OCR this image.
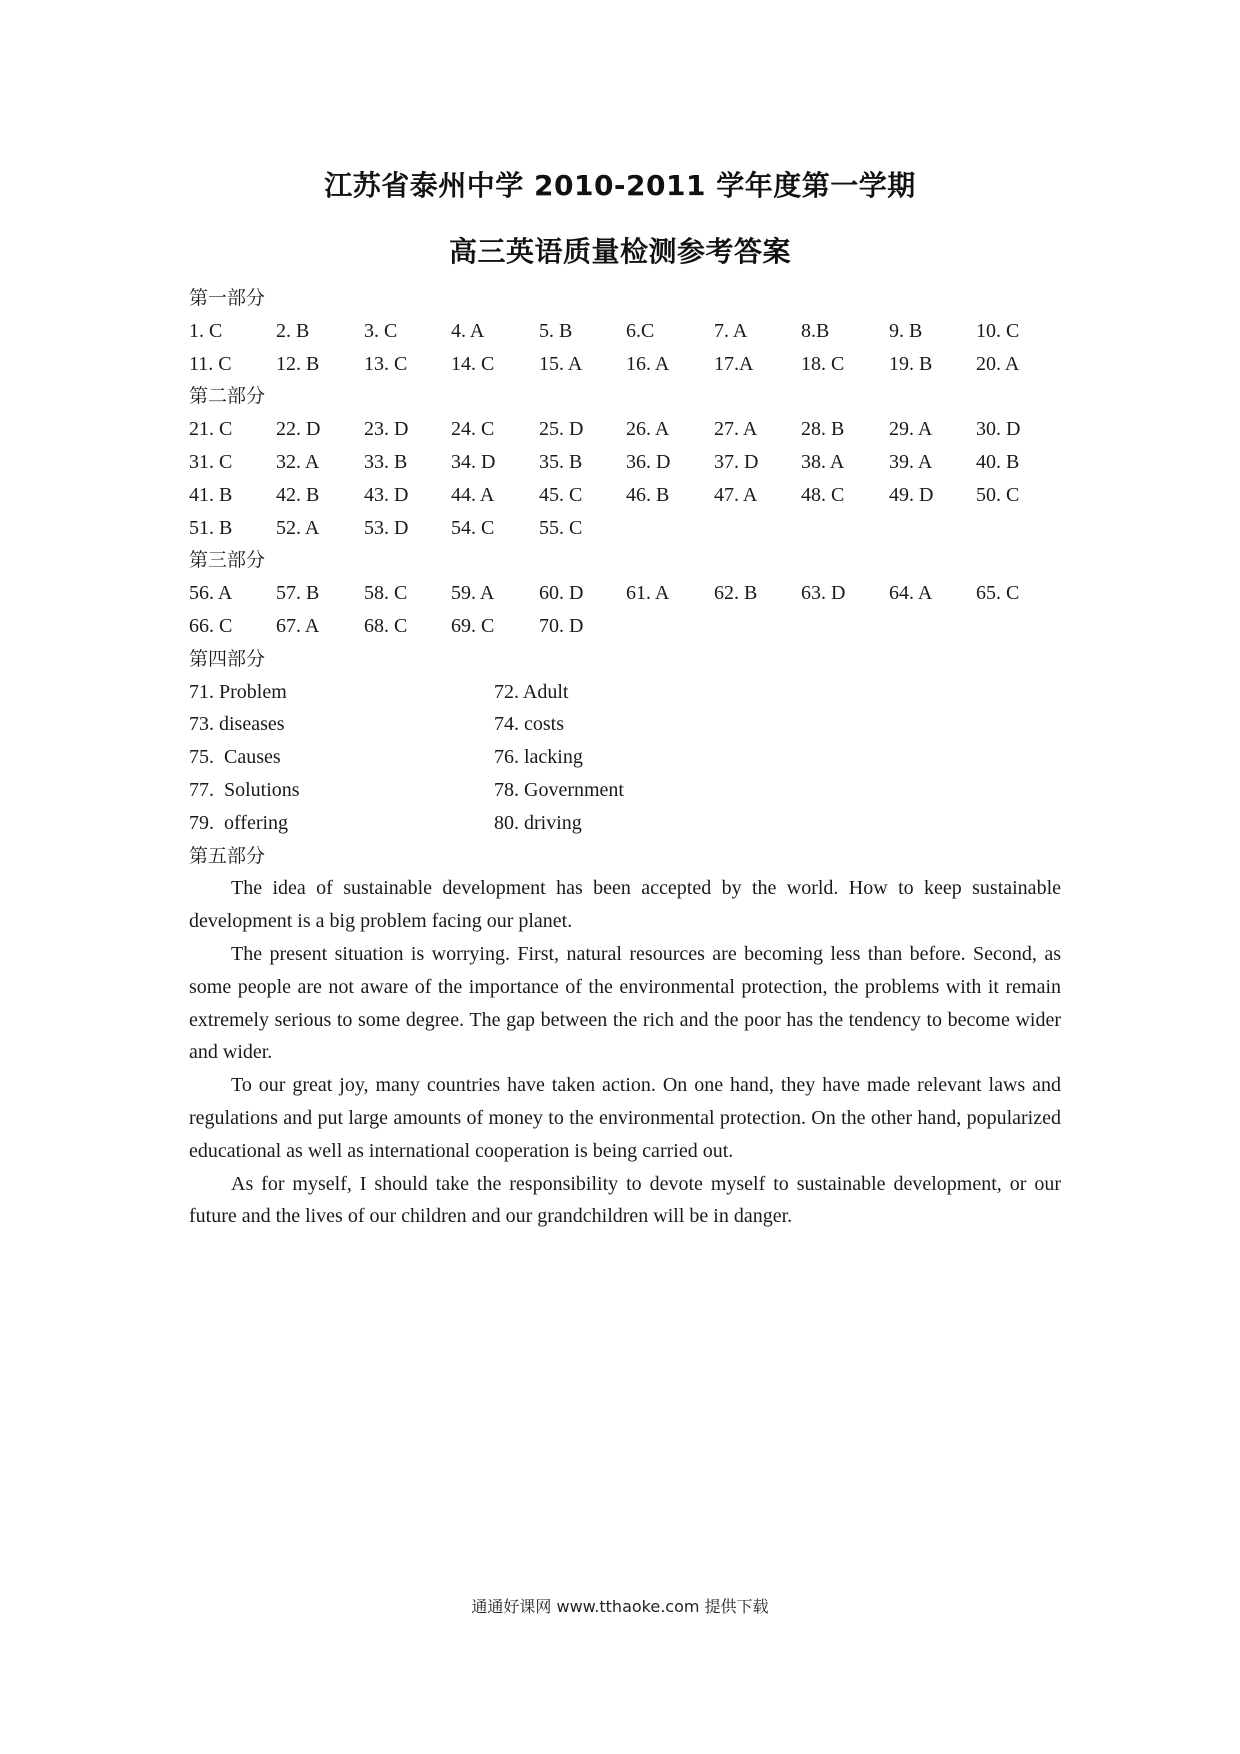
江苏省泰州中学 2010-2011 学年度第一学期
高三英语质量检测参考答案
第一部分
1. C	2. B	3. C	4. A	5. B	6.C	7. A	8.B	9. B	10. C
11. C 12. B 13. C 14. C 15. A 16. A 17.A 18. C 19. B 20. A
第二部分
21. C 22. D 23. D 24. C 25. D 26. A 27. A 28. B 29. A 30. D
31. C 32. A 33. B 34. D 35. B 36. D 37. D 38. A 39. A 40. B
41. B 42. B 43. D 44. A 45. C 46. B 47. A 48. C 49. D 50. C
51. B 52. A 53. D 54. C 55. C
第三部分
56. A 57. B 58. C 59. A 60. D 61. A 62. B 63. D 64. A 65. C
66. C 67. A 68. C 69. C 70. D
第四部分
71. Problem	72. Adult
73. diseases	74. costs
75.  Causes	76. lacking
77.  Solutions	78. Government
79.  offering	80. driving
第五部分

The idea of sustainable development has been accepted by the world. How to keep sustainable development is a big problem facing our planet.

The present situation is worrying. First, natural resources are becoming less than before. Second, as some people are not aware of the importance of the environmental protection, the problems with it remain extremely serious to some degree. The gap between the rich and the poor has the tendency to become wider and wider.

To our great joy, many countries have taken action. On one hand, they have made relevant laws and regulations and put large amounts of money to the environmental protection. On the other hand, popularized educational as well as international cooperation is being carried out.

As for myself, I should take the responsibility to devote myself to sustainable development, or our future and the lives of our children and our grandchildren will be in danger.

通通好课网 www.tthaoke.com 提供下载
